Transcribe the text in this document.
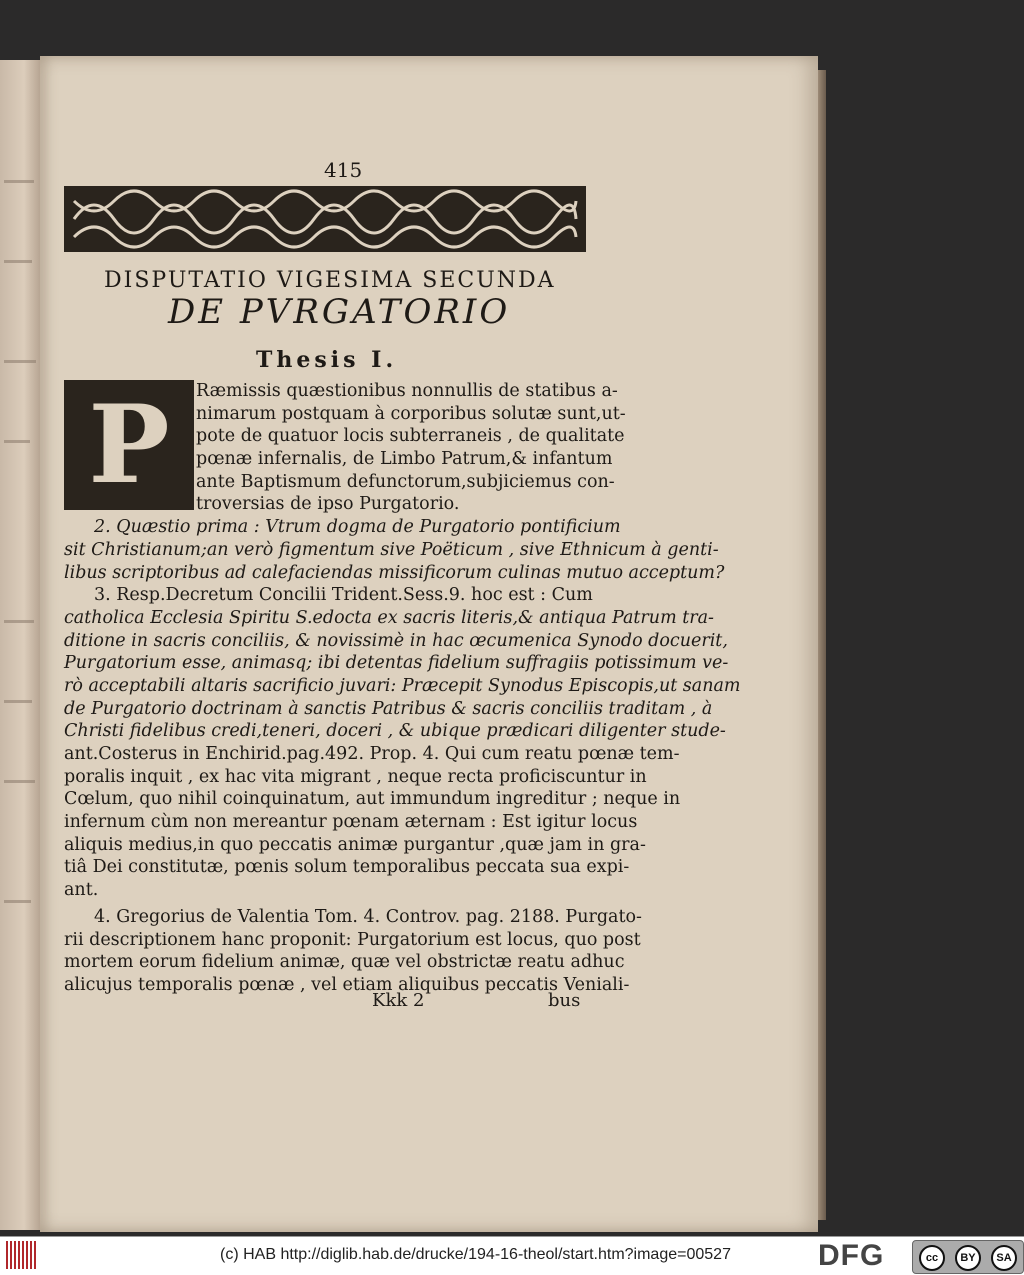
415
DISPUTATIO VIGESIMA SECUNDA
DE PVRGATORIO
Thesis I.
Ræmissis quæstionibus nonnullis de statibus a-
nimarum postquam à corporibus solutæ sunt,ut-
pote de quatuor locis subterraneis , de qualitate
pœnæ infernalis, de Limbo Patrum,& infantum
ante Baptismum defunctorum,subjiciemus con-
troversias de ipso Purgatorio.
2. Quæstio prima : Vtrum dogma de Purgatorio pontificium
sit Christianum;an verò figmentum sive Poëticum , sive Ethnicum à genti-
libus scriptoribus ad calefaciendas missificorum culinas mutuo acceptum?
3. Resp.Decretum Concilii Trident.Sess.9. hoc est : Cum
catholica Ecclesia Spiritu S.edocta ex sacris literis,& antiqua Patrum tra-
ditione in sacris conciliis, & novissimè in hac œcumenica Synodo docuerit,
Purgatorium esse, animasq; ibi detentas fidelium suffragiis potissimum ve-
rò acceptabili altaris sacrificio juvari: Præcepit Synodus Episcopis,ut sanam
de Purgatorio doctrinam à sanctis Patribus & sacris conciliis traditam , à
Christi fidelibus credi,teneri, doceri , & ubique prædicari diligenter stude-
ant.Costerus in Enchirid.pag.492. Prop. 4. Qui cum reatu pœnæ tem-
poralis inquit , ex hac vita migrant , neque recta proficiscuntur in
Cœlum, quo nihil coinquinatum, aut immundum ingreditur ; neque in
infernum cùm non mereantur pœnam æternam : Est igitur locus
aliquis medius,in quo peccatis animæ purgantur ,quæ jam in gra-
tiâ Dei constitutæ, pœnis solum temporalibus peccata sua expi-
ant.
4. Gregorius de Valentia Tom. 4. Controv. pag. 2188. Purgato-
rii descriptionem hanc proponit: Purgatorium est locus, quo post
mortem eorum fidelium animæ, quæ vel obstrictæ reatu adhuc
alicujus temporalis pœnæ , vel etiam aliquibus peccatis Veniali-
P
Kkk 2	bus
(c) HAB http://diglib.hab.de/drucke/194-16-theol/start.htm?image=00527	DFG	cc	BY	SA
